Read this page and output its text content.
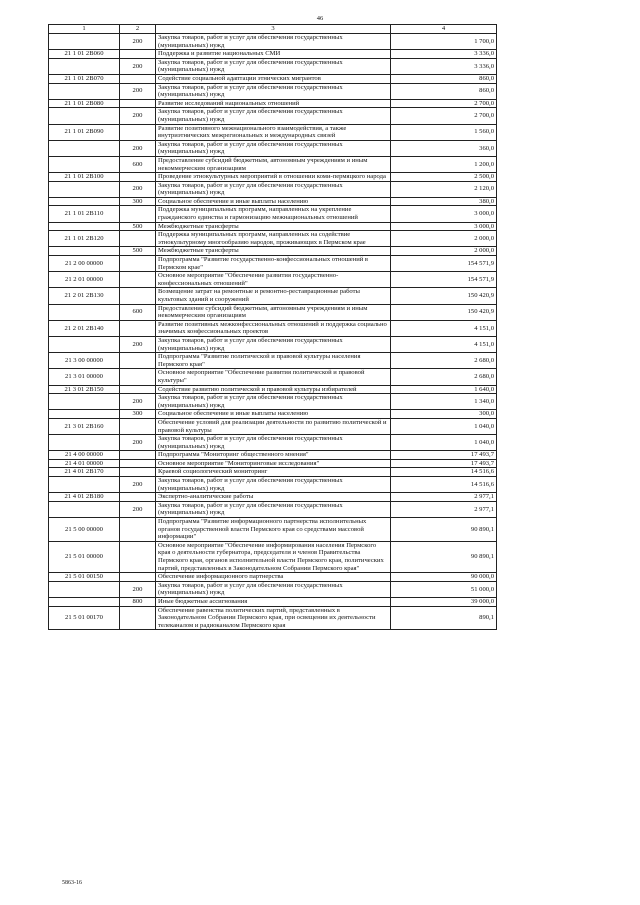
46
1	2	3	4
	200	Закупка товаров, работ и услуг для обеспечения государственных (муниципальных) нужд	1 700,0
21 1 01 2В060		Поддержка и развитие национальных СМИ	3 336,0
	200	Закупка товаров, работ и услуг для обеспечения государственных (муниципальных) нужд	3 336,0
21 1 01 2В070		Содействие социальной адаптации этнических мигрантов	860,0
	200	Закупка товаров, работ и услуг для обеспечения государственных (муниципальных) нужд	860,0
21 1 01 2В080		Развитие исследований национальных отношений	2 700,0
	200	Закупка товаров, работ и услуг для обеспечения государственных (муниципальных) нужд	2 700,0
21 1 01 2В090		Развитие позитивного межнационального взаимодействия, а также внутриэтнических межрегиональных и международных связей	1 560,0
	200	Закупка товаров, работ и услуг для обеспечения государственных (муниципальных) нужд	360,0
	600	Предоставление субсидий бюджетным, автономным учреждениям и иным некоммерческим организациям	1 200,0
21 1 01 2В100		Проведение этнокультурных мероприятий в отношении коми-пермяцкого народа	2 500,0
	200	Закупка товаров, работ и услуг для обеспечения государственных (муниципальных) нужд	2 120,0
	300	Социальное обеспечение и иные выплаты населению	380,0
21 1 01 2В110		Поддержка муниципальных программ, направленных на укрепление гражданского единства и гармонизацию межнациональных отношений	3 000,0
	500	Межбюджетные трансферты	3 000,0
21 1 01 2В120		Поддержка муниципальных программ, направленных на содействие этнокультурному многообразию народов, проживающих в Пермском крае	2 000,0
	500	Межбюджетные трансферты	2 000,0
21 2 00 00000		Подпрограмма "Развитие государственно-конфессиональных отношений в Пермском крае"	154 571,9
21 2 01 00000		Основное мероприятие "Обеспечение развития государственно-конфессиональных отношений"	154 571,9
21 2 01 2В130		Возмещение затрат на ремонтные и ремонтно-реставрационные работы культовых зданий и сооружений	150 420,9
	600	Предоставление субсидий бюджетным, автономным учреждениям и иным некоммерческим организациям	150 420,9
21 2 01 2В140		Развитие позитивных межконфессиональных отношений и поддержка социально значимых конфессиональных проектов	4 151,0
	200	Закупка товаров, работ и услуг для обеспечения государственных (муниципальных) нужд	4 151,0
21 3 00 00000		Подпрограмма "Развитие политической и правовой культуры населения Пермского края"	2 680,0
21 3 01 00000		Основное мероприятие "Обеспечение развития политической и правовой культуры"	2 680,0
21 3 01 2В150		Содействие развитию политической и правовой культуры избирателей	1 640,0
	200	Закупка товаров, работ и услуг для обеспечения государственных (муниципальных) нужд	1 340,0
	300	Социальное обеспечение и иные выплаты населению	300,0
21 3 01 2В160		Обеспечение условий для реализации деятельности по развитию политической и правовой культуры	1 040,0
	200	Закупка товаров, работ и услуг для обеспечения государственных (муниципальных) нужд	1 040,0
21 4 00 00000		Подпрограмма "Мониторинг общественного мнения"	17 493,7
21 4 01 00000		Основное мероприятие "Мониторинговые исследования"	17 493,7
21 4 01 2В170		Краевой социологический мониторинг	14 516,6
	200	Закупка товаров, работ и услуг для обеспечения государственных (муниципальных) нужд	14 516,6
21 4 01 2В180		Экспертно-аналитические работы	2 977,1
	200	Закупка товаров, работ и услуг для обеспечения государственных (муниципальных) нужд	2 977,1
21 5 00 00000		Подпрограмма "Развитие информационного партнерства исполнительных органов государственной власти Пермского края со средствами массовой информации"	90 890,1
21 5 01 00000		Основное мероприятие "Обеспечение информирования населения Пермского края о деятельности губернатора, председателя и членов Правительства Пермского края, органов исполнительной власти Пермского края, политических партий, представленных в Законодательном Собрании Пермского края"	90 890,1
21 5 01 00150		Обеспечение информационного партнерства	90 000,0
	200	Закупка товаров, работ и услуг для обеспечения государственных (муниципальных) нужд	51 000,0
	800	Иные бюджетные ассигнования	39 000,0
21 5 01 00170		Обеспечение равенства политических партий, представленных в Законодательном Собрании Пермского края, при освещении их деятельности телеканалом и радиоканалом Пермского края	890,1
5863-16
